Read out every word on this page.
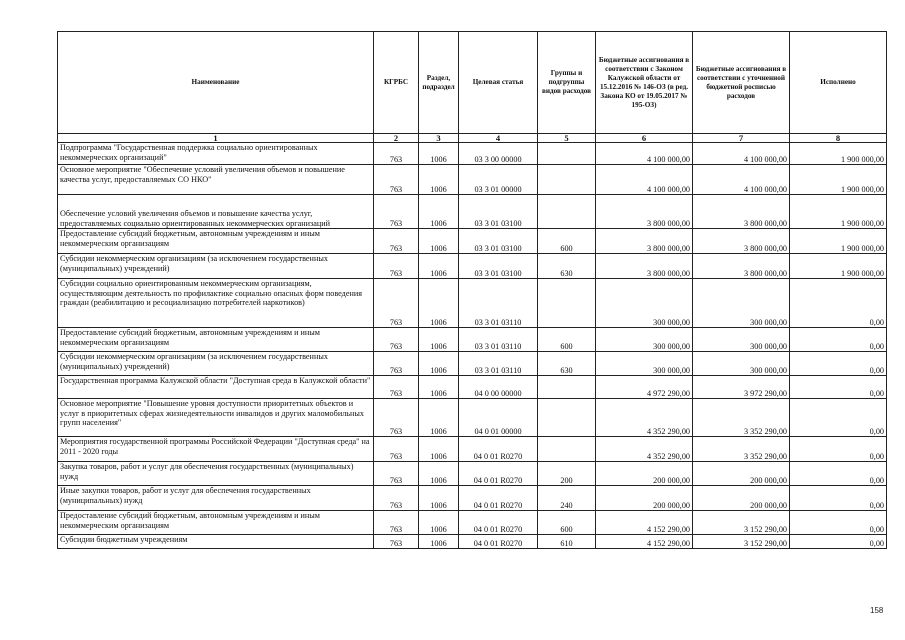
Наименование	КГРБС	Раздел, подраздел	Целевая статья	Группы и подгруппы видов расходов	Бюджетные ассигнования в соответствии с Законом Калужской области от 15.12.2016 № 146-ОЗ (в ред. Закона КО от 19.05.2017 № 195-ОЗ)	Бюджетные ассигнования в соответствии с уточненной бюджетной росписью расходов	Исполнено
1	2	3	4	5	6	7	8
Подпрограмма "Государственная поддержка социально ориентированных некоммерческих организаций"	763	1006	03 3 00 00000		4 100 000,00	4 100 000,00	1 900 000,00
Основное мероприятие "Обеспечение условий увеличения объемов и повышение качества услуг, предоставляемых СО НКО"	763	1006	03 3 01 00000		4 100 000,00	4 100 000,00	1 900 000,00
Обеспечение условий увеличения объемов и повышение качества услуг, предоставляемых социально ориентированных некоммерческих организаций	763	1006	03 3 01 03100		3 800 000,00	3 800 000,00	1 900 000,00
Предоставление субсидий бюджетным, автономным учреждениям и иным некоммерческим организациям	763	1006	03 3 01 03100	600	3 800 000,00	3 800 000,00	1 900 000,00
Субсидии некоммерческим организациям (за исключением государственных (муниципальных) учреждений)	763	1006	03 3 01 03100	630	3 800 000,00	3 800 000,00	1 900 000,00
Субсидии социально ориентированным некоммерческим организациям, осуществляющим деятельность по профилактике социально опасных форм поведения граждан (реабилитацию и ресоциализацию потребителей наркотиков)	763	1006	03 3 01 03110		300 000,00	300 000,00	0,00
Предоставление субсидий бюджетным, автономным учреждениям и иным некоммерческим организациям	763	1006	03 3 01 03110	600	300 000,00	300 000,00	0,00
Субсидии некоммерческим организациям (за исключением государственных (муниципальных) учреждений)	763	1006	03 3 01 03110	630	300 000,00	300 000,00	0,00
Государственная программа Калужской области "Доступная среда в Калужской области"	763	1006	04 0 00 00000		4 972 290,00	3 972 290,00	0,00
Основное мероприятие "Повышение уровня доступности приоритетных объектов и услуг в приоритетных сферах жизнедеятельности инвалидов и других маломобильных групп населения"	763	1006	04 0 01 00000		4 352 290,00	3 352 290,00	0,00
Мероприятия государственной программы Российской Федерации "Доступная среда" на 2011 - 2020 годы	763	1006	04 0 01 R0270		4 352 290,00	3 352 290,00	0,00
Закупка товаров, работ и услуг для обеспечения государственных (муниципальных) нужд	763	1006	04 0 01 R0270	200	200 000,00	200 000,00	0,00
Иные закупки товаров, работ и услуг для обеспечения государственных (муниципальных) нужд	763	1006	04 0 01 R0270	240	200 000,00	200 000,00	0,00
Предоставление субсидий бюджетным, автономным учреждениям и иным некоммерческим организациям	763	1006	04 0 01 R0270	600	4 152 290,00	3 152 290,00	0,00
Субсидии бюджетным учреждениям	763	1006	04 0 01 R0270	610	4 152 290,00	3 152 290,00	0,00
158
